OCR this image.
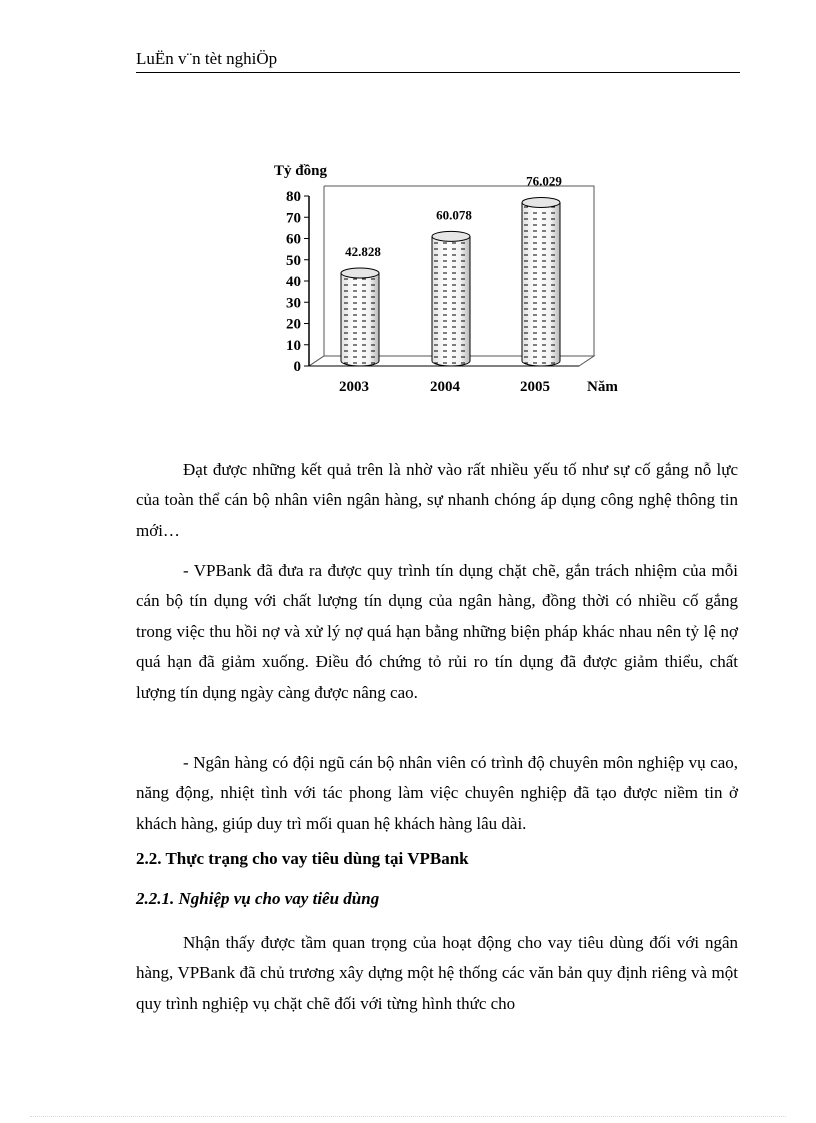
LuËn v¨n tèt nghiÖp
0
10
20
30
40
50
60
70
80
Tỷ đồng
Năm
42.828
2003
60.078
2004
76.029
2005
Đạt được những kết quả trên là nhờ vào rất nhiều yếu tố như sự cố gắng nỗ lực của toàn thể cán bộ nhân viên ngân hàng, sự nhanh chóng áp dụng công nghệ thông tin mới…
- VPBank đã đưa ra được quy trình tín dụng chặt chẽ, gắn trách nhiệm của mỗi cán bộ tín dụng với chất lượng tín dụng của ngân hàng, đồng thời có nhiều cố gắng trong việc thu hồi nợ và xử lý nợ quá hạn bằng những biện pháp khác nhau nên tỷ lệ nợ quá hạn đã giảm xuống. Điều đó chứng tỏ rủi ro tín dụng đã được giảm thiểu, chất lượng tín dụng ngày càng được nâng cao.
- Ngân hàng có đội ngũ cán bộ nhân viên có trình độ chuyên môn nghiệp vụ cao, năng động, nhiệt tình với tác phong làm việc chuyên nghiệp đã tạo được niềm tin ở khách hàng, giúp duy trì mối quan hệ khách hàng lâu dài.
2.2. Thực trạng cho vay tiêu dùng tại VPBank
2.2.1. Nghiệp vụ cho vay tiêu dùng
Nhận thấy được tầm quan trọng của hoạt động cho vay tiêu dùng đối với ngân hàng, VPBank đã chủ trương xây dựng một hệ thống các văn bản quy định riêng và một quy trình nghiệp vụ chặt chẽ đối với từng hình thức cho
